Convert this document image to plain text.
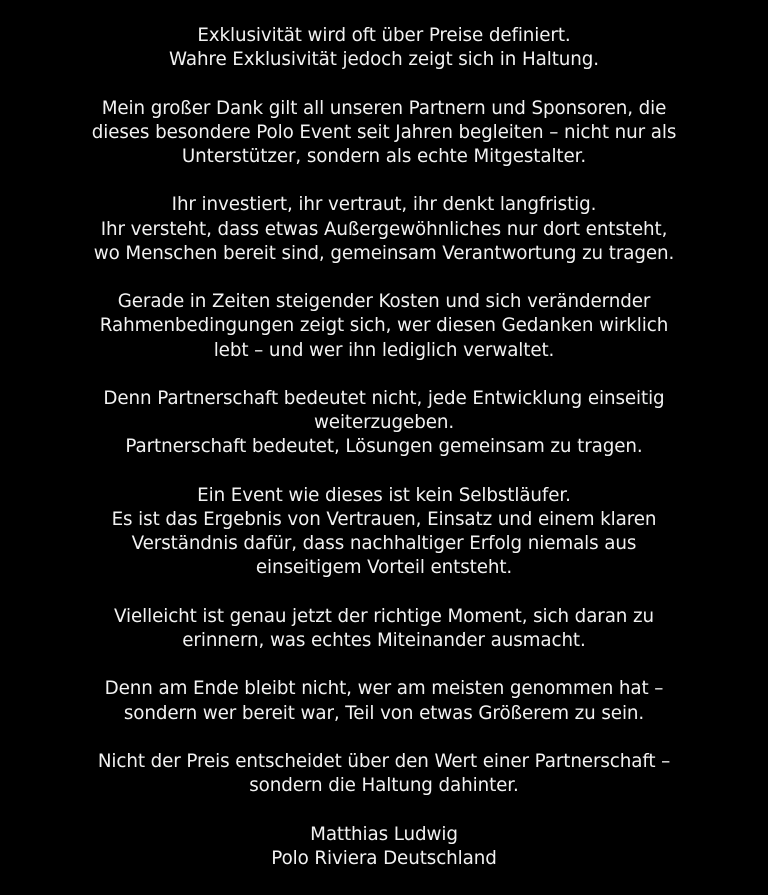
Exklusivität wird oft über Preise definiert.
Wahre Exklusivität jedoch zeigt sich in Haltung.
Mein großer Dank gilt all unseren Partnern und Sponsoren, die
dieses besondere Polo Event seit Jahren begleiten – nicht nur als
Unterstützer, sondern als echte Mitgestalter.
Ihr investiert, ihr vertraut, ihr denkt langfristig.
Ihr versteht, dass etwas Außergewöhnliches nur dort entsteht,
wo Menschen bereit sind, gemeinsam Verantwortung zu tragen.
Gerade in Zeiten steigender Kosten und sich verändernder
Rahmenbedingungen zeigt sich, wer diesen Gedanken wirklich
lebt – und wer ihn lediglich verwaltet.
Denn Partnerschaft bedeutet nicht, jede Entwicklung einseitig
weiterzugeben.
Partnerschaft bedeutet, Lösungen gemeinsam zu tragen.
Ein Event wie dieses ist kein Selbstläufer.
Es ist das Ergebnis von Vertrauen, Einsatz und einem klaren
Verständnis dafür, dass nachhaltiger Erfolg niemals aus
einseitigem Vorteil entsteht.
Vielleicht ist genau jetzt der richtige Moment, sich daran zu
erinnern, was echtes Miteinander ausmacht.
Denn am Ende bleibt nicht, wer am meisten genommen hat –
sondern wer bereit war, Teil von etwas Größerem zu sein.
Nicht der Preis entscheidet über den Wert einer Partnerschaft –
sondern die Haltung dahinter.
Matthias Ludwig
Polo Riviera Deutschland
